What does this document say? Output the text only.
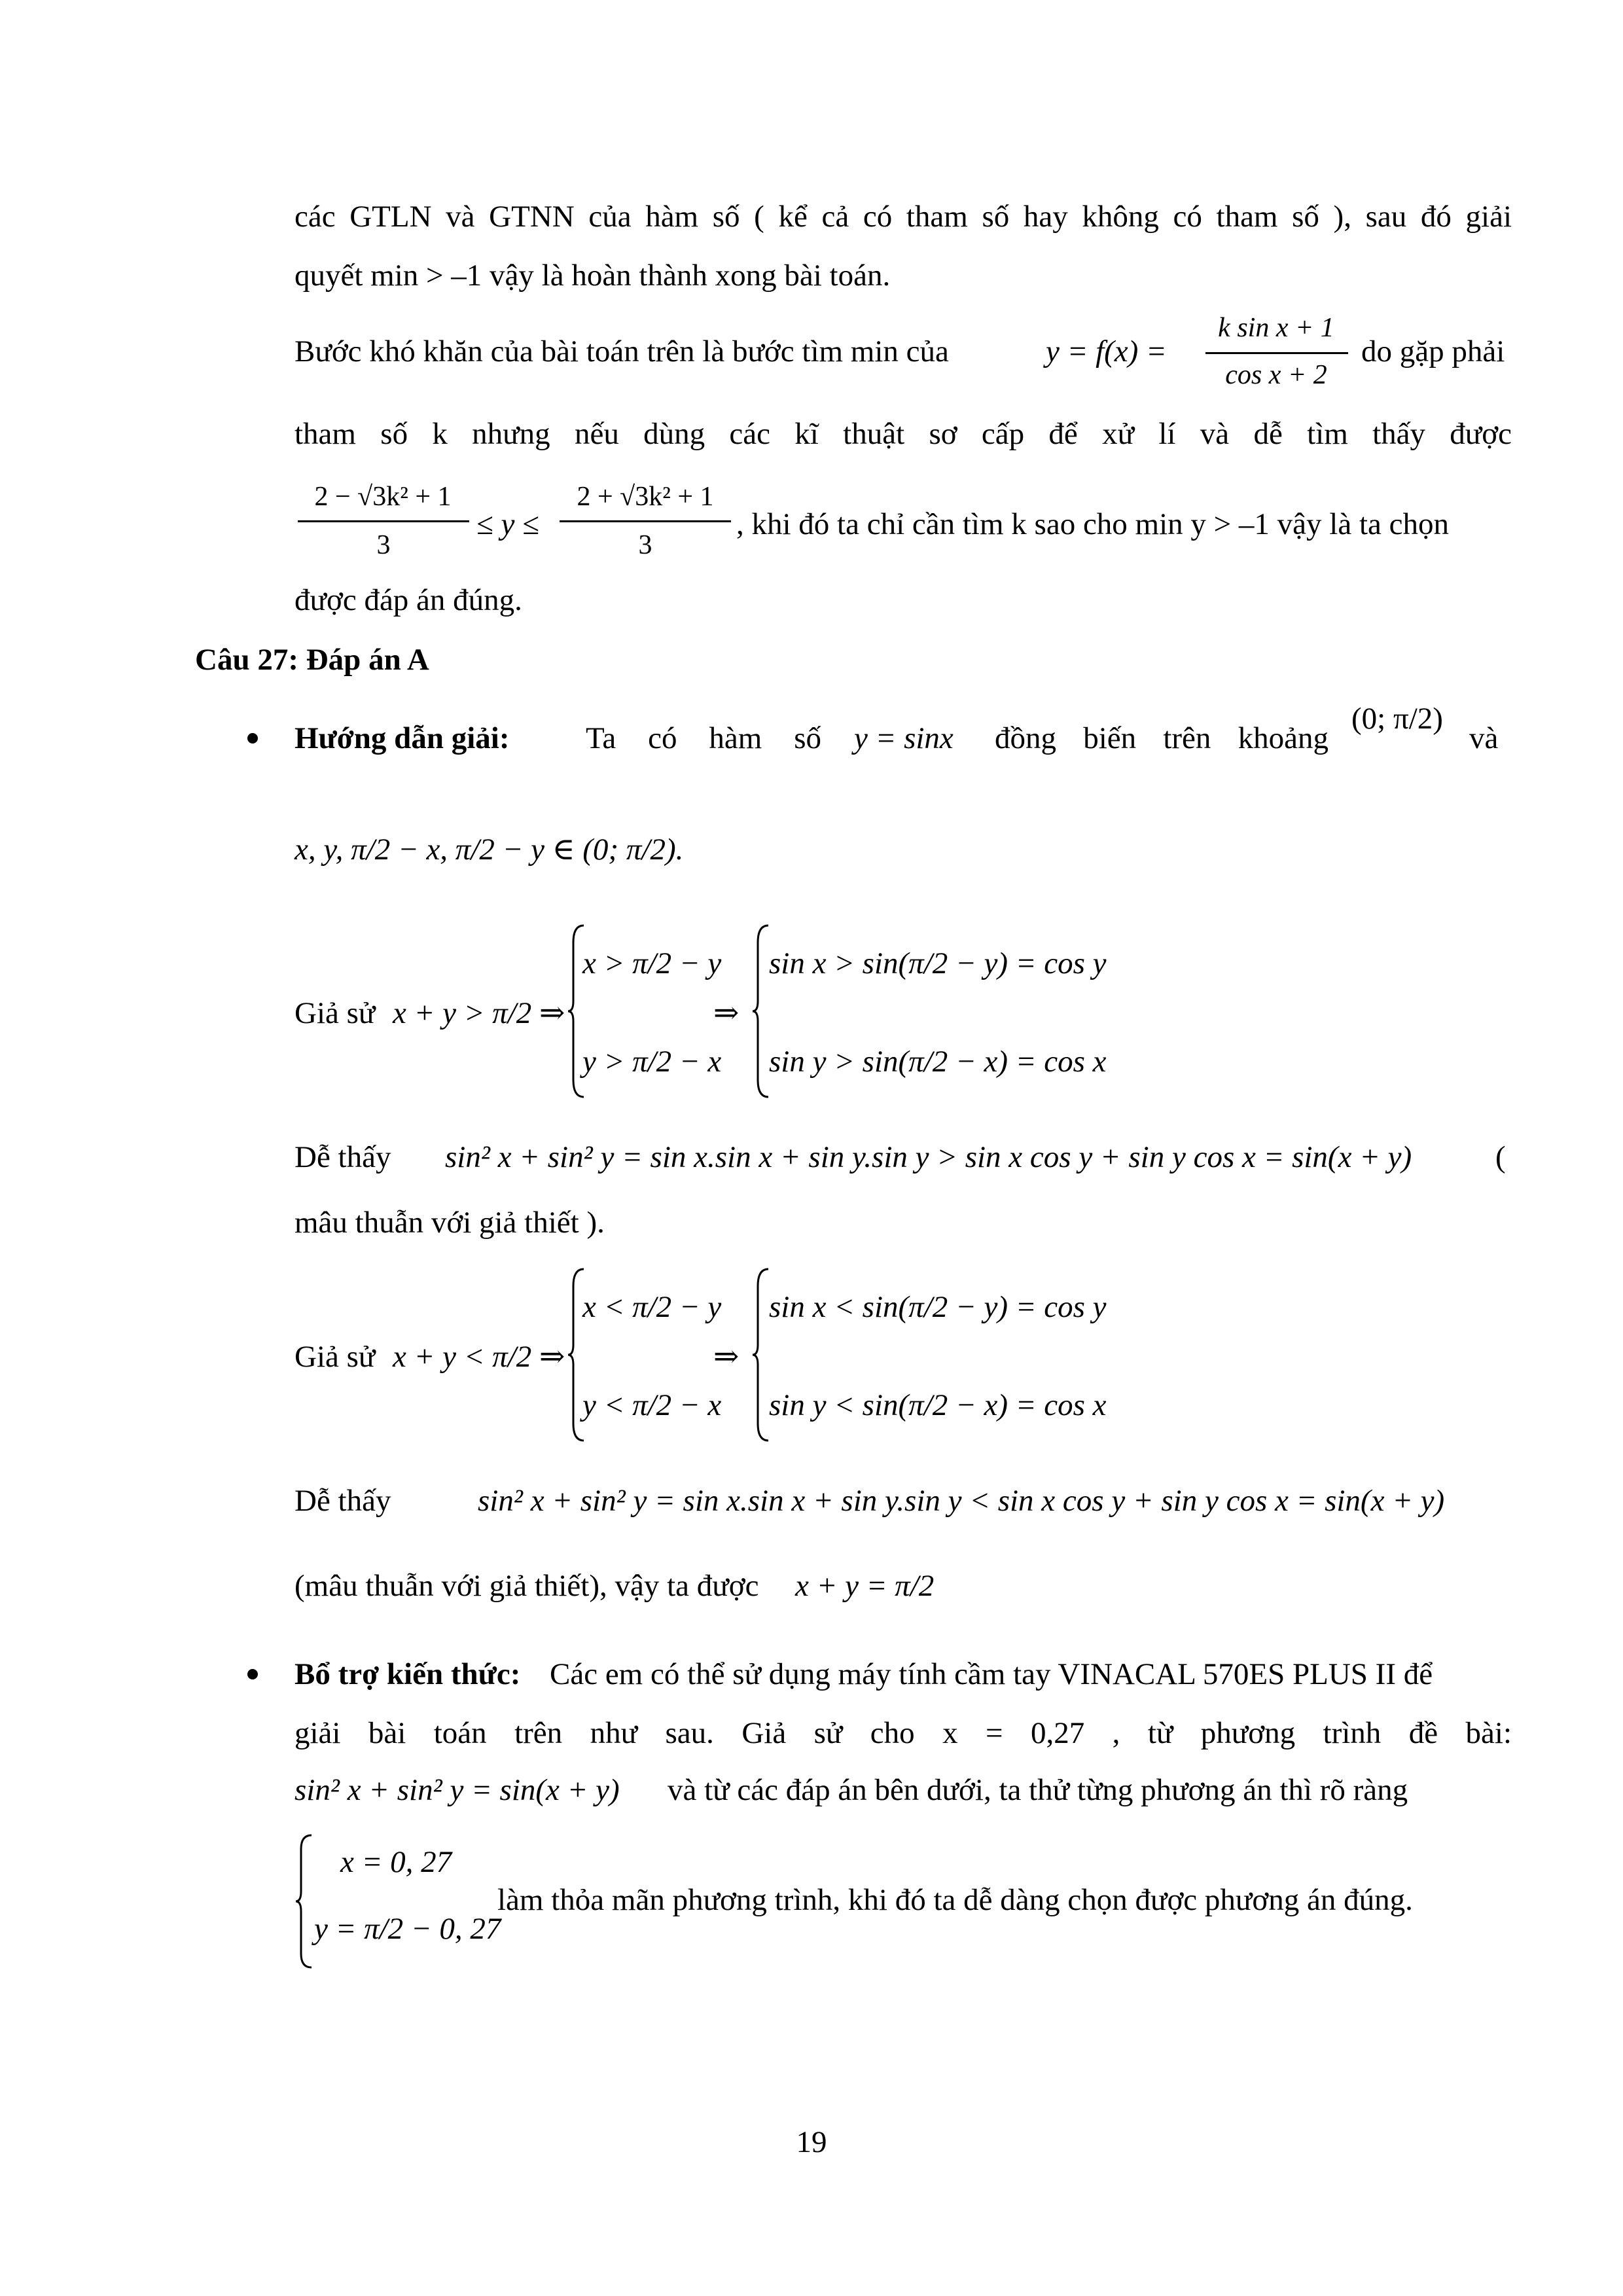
các GTLN và GTNN của hàm số ( kể cả có tham số hay không có tham số ), sau đó giải
quyết min > –1 vậy là hoàn thành xong bài toán.
Bước khó khăn của bài toán trên là bước tìm min của	y = f(x) =
k sin x + 1
cos x + 2
do gặp phải
tham số k nhưng nếu dùng các kĩ thuật sơ cấp để xử lí và dễ tìm thấy được
2 − √3k² + 1
3
≤ y ≤
2 + √3k² + 1
3
, khi đó ta chỉ cần tìm k sao cho min y > –1 vậy là ta chọn
được đáp án đúng.
Câu 27: Đáp án A
Hướng dẫn giải: Ta có hàm số y = sinx đồng biến trên khoảng
(0; π/2)
và
x, y, π/2 − x, π/2 − y ∈ (0; π/2).
Giả sử x + y > π/2 ⇒
x > π/2 − y
y > π/2 − x
⇒
sin x > sin(π/2 − y) = cos y
sin y > sin(π/2 − x) = cos x
Dễ thấy sin² x + sin² y = sin x.sin x + sin y.sin y > sin x cos y + sin y cos x = sin(x + y)	(
mâu thuẫn với giả thiết ).
Giả sử x + y < π/2 ⇒
x < π/2 − y
y < π/2 − x
⇒
sin x < sin(π/2 − y) = cos y
sin y < sin(π/2 − x) = cos x
Dễ thấy	sin² x + sin² y = sin x.sin x + sin y.sin y < sin x cos y + sin y cos x = sin(x + y)
(mâu thuẫn với giả thiết), vậy ta được x + y = π/2
Bổ trợ kiến thức: Các em có thể sử dụng máy tính cầm tay VINACAL 570ES PLUS II để
giải bài toán trên như sau. Giả sử cho x = 0,27 , từ phương trình đề bài:
sin² x + sin² y = sin(x + y) và từ các đáp án bên dưới, ta thử từng phương án thì rõ ràng
x = 0, 27
y = π/2 − 0, 27
làm thỏa mãn phương trình, khi đó ta dễ dàng chọn được phương án đúng.
19
